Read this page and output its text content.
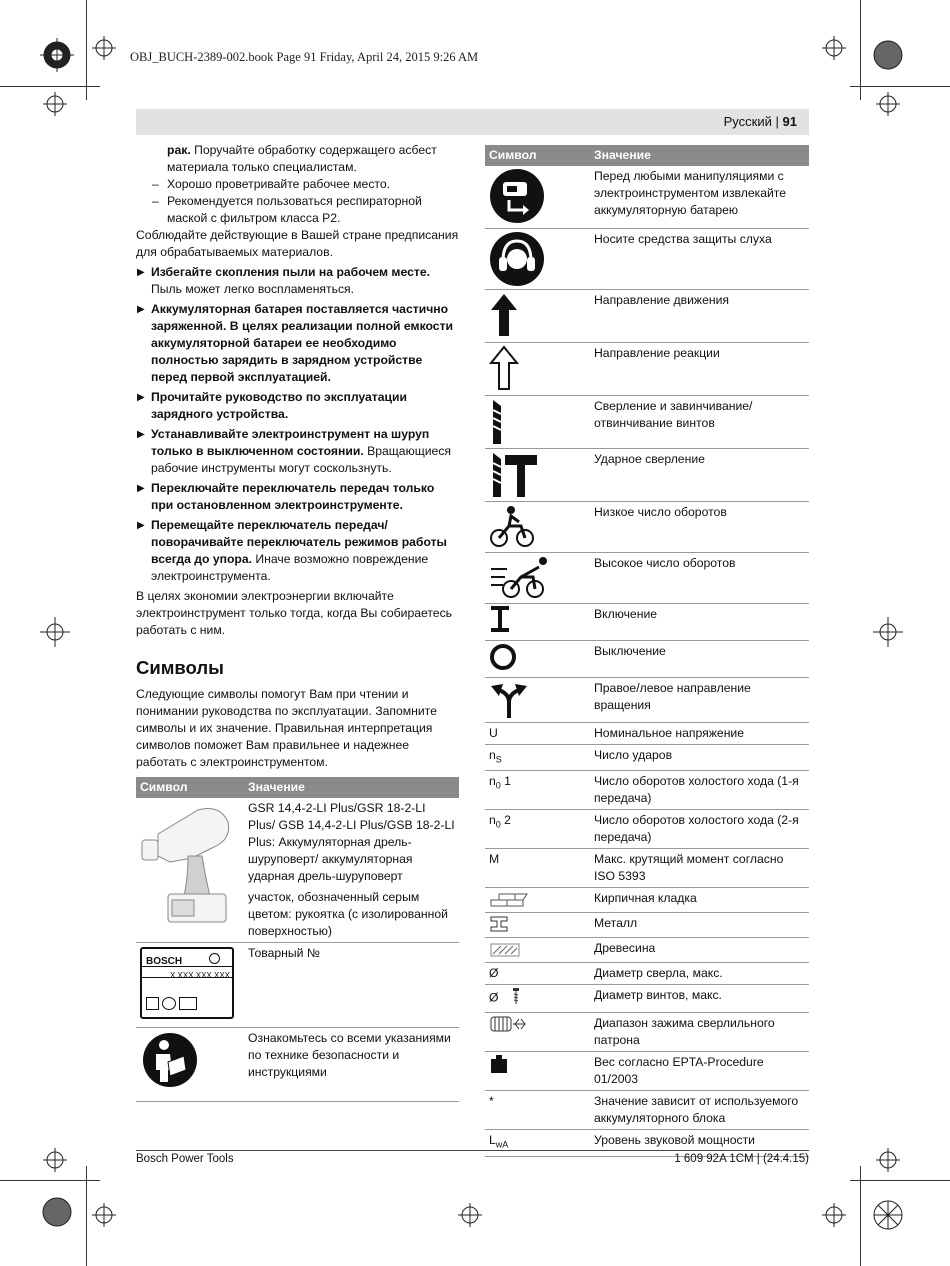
OBJ_BUCH-2389-002.book Page 91 Friday, April 24, 2015 9:26 AM
Русский | 91

рак. Поручайте обработку содержащего асбест материала только специалистам.

– Хорошо проветривайте рабочее место.

– Рекомендуется пользоваться респираторной маской с фильтром класса Р2.

Соблюдайте действующие в Вашей стране предписания для обрабатываемых материалов.

▶ Избегайте скопления пыли на рабочем месте. Пыль может легко воспламеняться.

▶ Аккумуляторная батарея поставляется частично заряженной. В целях реализации полной емкости аккумуляторной батареи ее необходимо полностью зарядить в зарядном устройстве перед первой эксплуатацией.

▶ Прочитайте руководство по эксплуатации зарядного устройства.

▶ Устанавливайте электроинструмент на шуруп только в выключенном состоянии. Вращающиеся рабочие инструменты могут соскользнуть.

▶ Переключайте переключатель передач только при остановленном электроинструменте.

▶ Перемещайте переключатель передач/поворачивайте переключатель режимов работы всегда до упора. Иначе возможно повреждение электроинструмента.

В целях экономии электроэнергии включайте электроинструмент только тогда, когда Вы собираетесь работать с ним.

Символы

Следующие символы помогут Вам при чтении и понимании руководства по эксплуатации. Запомните символы и их значение. Правильная интерпретация символов поможет Вам правильнее и надежнее работать с электроинструментом.

Символ	Значение

GSR 14,4-2-LI Plus/GSR 18-2-LI Plus/ GSB 14,4-2-LI Plus/GSB 18-2-LI Plus: Аккумуляторная дрель-шуруповерт/ аккумуляторная ударная дрель-шуруповерт
участок, обозначенный серым цветом: рукоятка (с изолированной поверхностью)

BOSCH
X XXX XXX XXX	Товарный №
	Ознакомьтесь со всеми указаниями по технике безопасности и инструкциями
Символ	Значение

	Перед любыми манипуляциями с электроинструментом извлекайте аккумуляторную батарею

	Носите средства защиты слуха

	Направление движения

	Направление реакции

	Сверление и завинчивание/ отвинчивание винтов

	Ударное сверление

	Низкое число оборотов

	Высокое число оборотов

	Включение

	Выключение

	Правое/левое направление вращения
U	Номинальное напряжение
$n_S$	Число ударов
$n_0$ 1	Число оборотов холостого хода (1-я передача)
$n_0$ 2	Число оборотов холостого хода (2-я передача)
M	Макс. крутящий момент согласно ISO 5393

	Кирпичная кладка

	Металл

	Древесина
Ø	Диаметр сверла, макс.
Ø	Диаметр винтов, макс.

	Диапазон зажима сверлильного патрона

	Вес согласно EPTA-Procedure 01/2003
*	Значение зависит от используемого аккумуляторного блока
$L_{wA}$	Уровень звуковой мощности
Bosch Power Tools	1 609 92A 1CM | (24.4.15)
